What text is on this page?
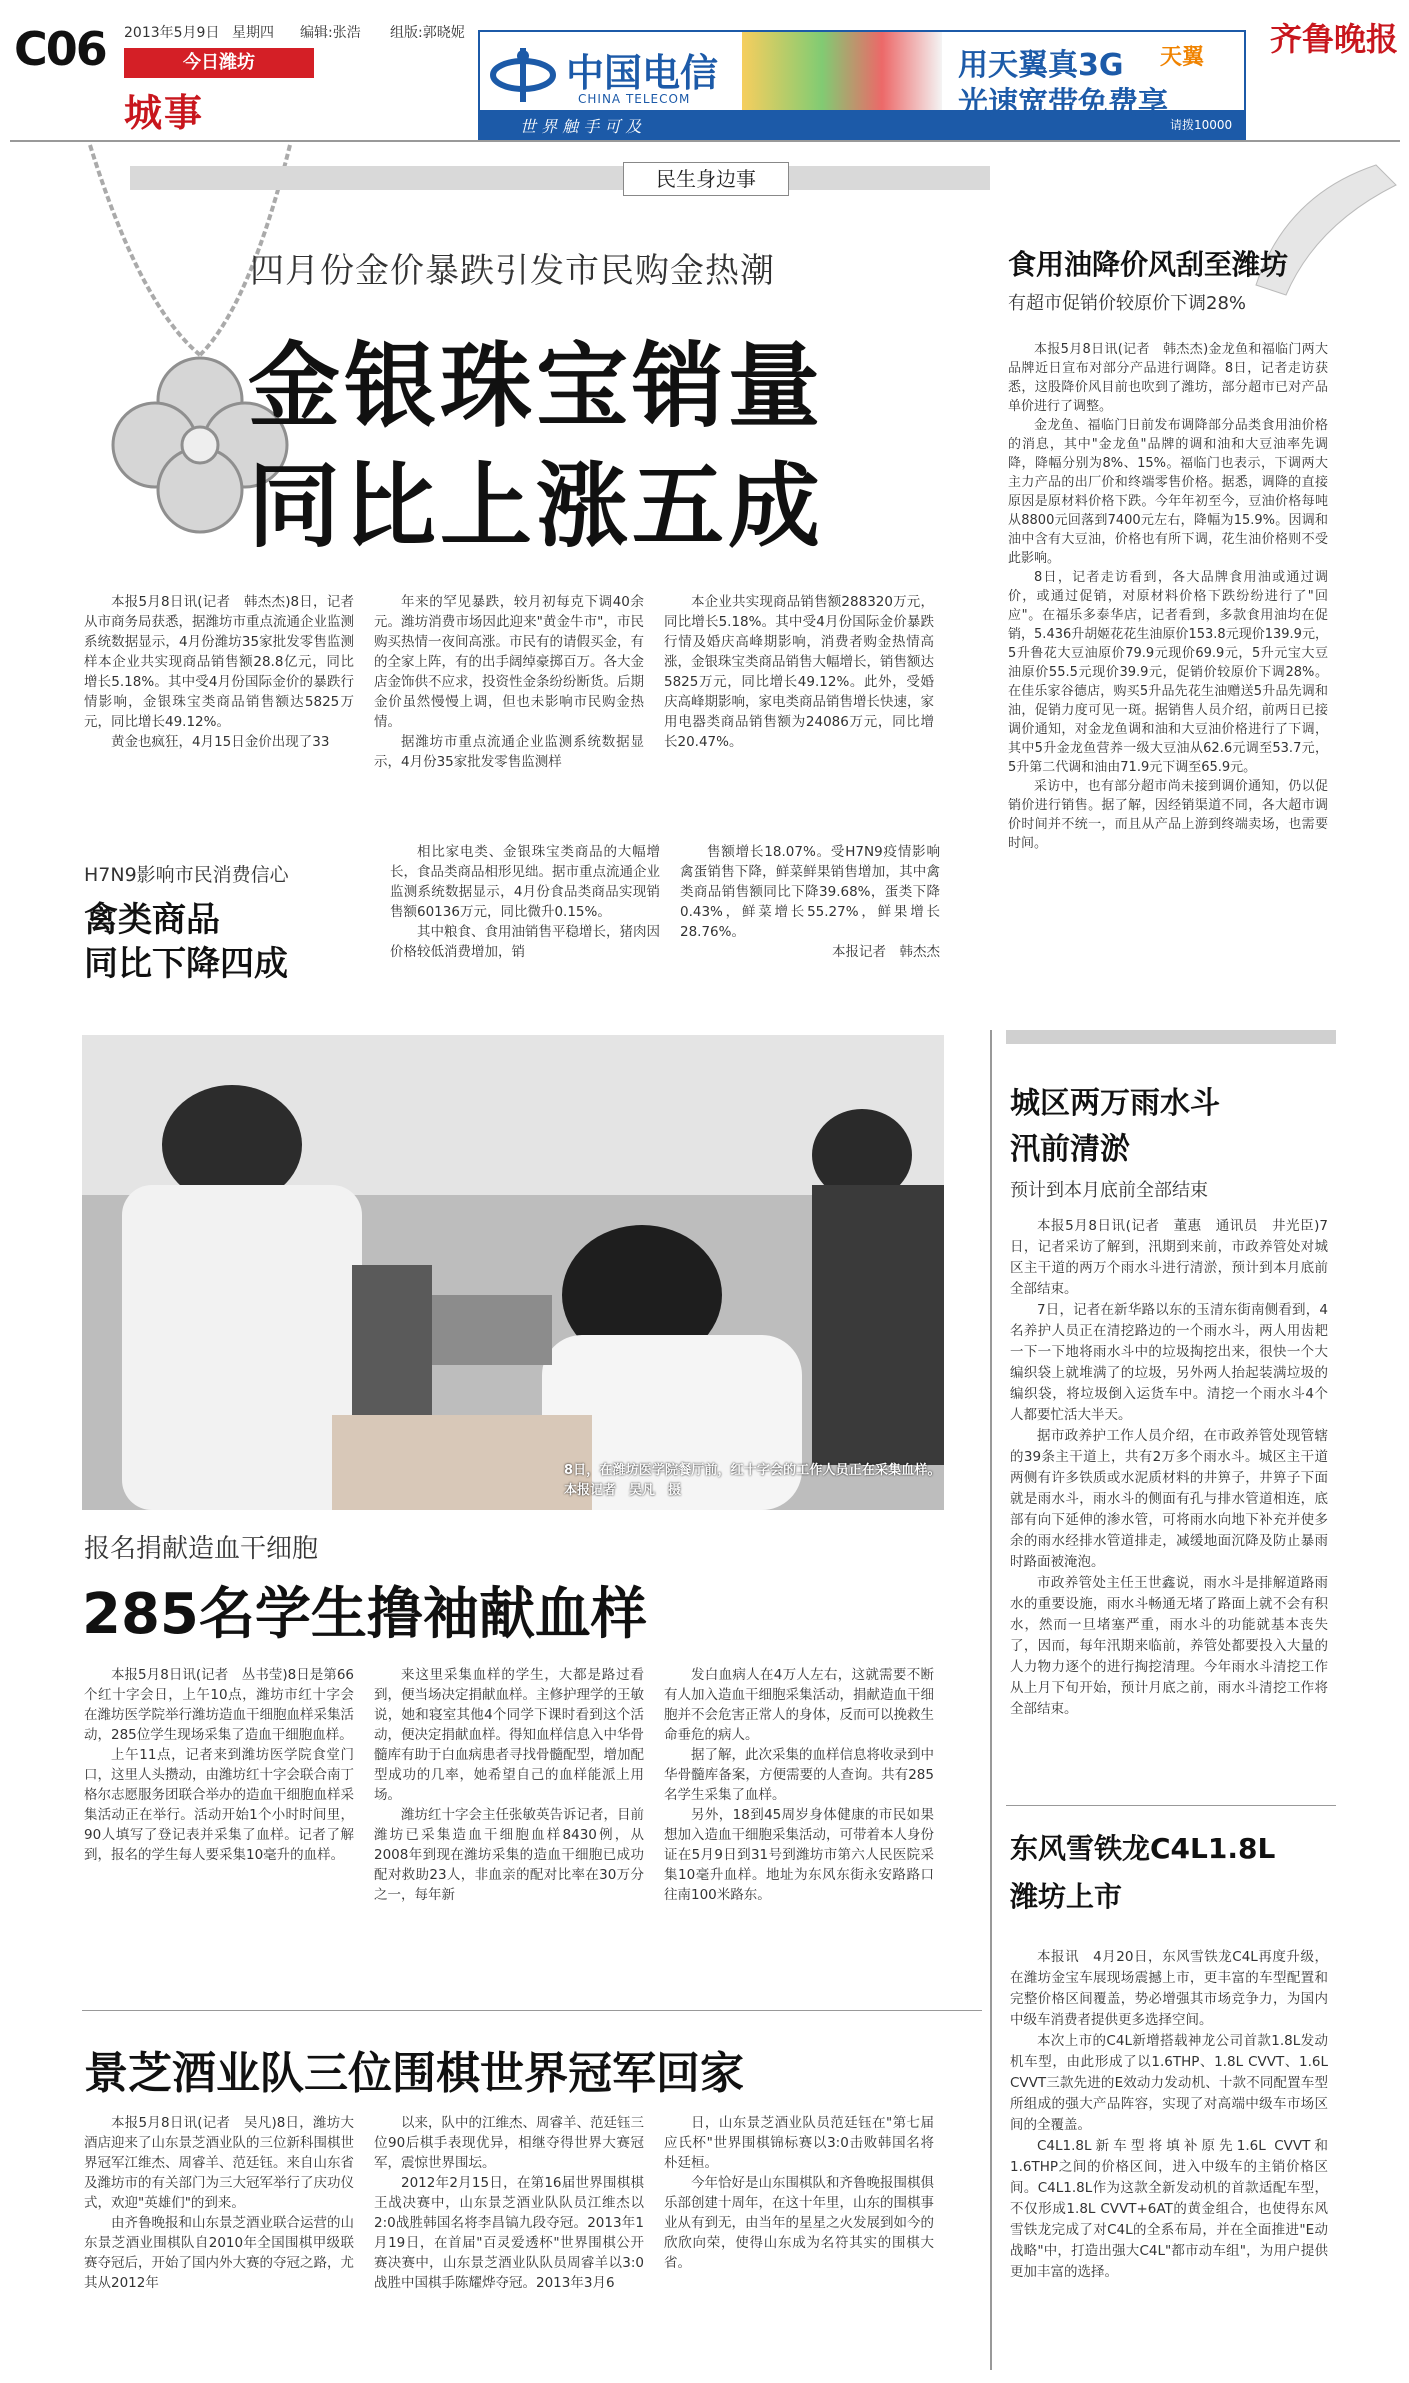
C06 2013年5月9日 星期四 编辑:张浩 组版:郭晓妮
今日潍坊
城事
中国电信
CHINA TELECOM
世 界 触 手 可 及
用天翼真3G
光速宽带免费享
天翼
请拨10000
齐鲁晚报
民生身边事
四月份金价暴跌引发市民购金热潮
金银珠宝销量
同比上涨五成

本报5月8日讯(记者　韩杰杰)8日，记者从市商务局获悉，据潍坊市重点流通企业监测系统数据显示，4月份潍坊35家批发零售监测样本企业共实现商品销售额28.8亿元，同比增长5.18%。其中受4月份国际金价的暴跌行情影响，金银珠宝类商品销售额达5825万元，同比增长49.12%。

黄金也疯狂，4月15日金价出现了33

年来的罕见暴跌，较月初每克下调40余元。潍坊消费市场因此迎来"黄金牛市"，市民购买热情一夜间高涨。市民有的请假买金，有的全家上阵，有的出手阔绰豪掷百万。各大金店金饰供不应求，投资性金条纷纷断货。后期金价虽然慢慢上调，但也未影响市民购金热情。

据潍坊市重点流通企业监测系统数据显示，4月份35家批发零售监测样

本企业共实现商品销售额288320万元，同比增长5.18%。其中受4月份国际金价暴跌行情及婚庆高峰期影响，消费者购金热情高涨，金银珠宝类商品销售大幅增长，销售额达5825万元，同比增长49.12%。此外，受婚庆高峰期影响，家电类商品销售增长快速，家用电器类商品销售额为24086万元，同比增长20.47%。

H7N9影响市民消费信心
禽类商品
同比下降四成

相比家电类、金银珠宝类商品的大幅增长，食品类商品相形见绌。据市重点流通企业监测系统数据显示，4月份食品类商品实现销售额60136万元，同比微升0.15%。

其中粮食、食用油销售平稳增长，猪肉因价格较低消费增加，销

售额增长18.07%。受H7N9疫情影响禽蛋销售下降，鲜菜鲜果销售增加，其中禽类商品销售额同比下降39.68%，蛋类下降0.43%，鲜菜增长55.27%，鲜果增长28.76%。

本报记者　韩杰杰

食用油降价风刮至潍坊
有超市促销价较原价下调28%

本报5月8日讯(记者　韩杰杰)金龙鱼和福临门两大品牌近日宣布对部分产品进行调降。8日，记者走访获悉，这股降价风目前也吹到了潍坊，部分超市已对产品单价进行了调整。

金龙鱼、福临门日前发布调降部分品类食用油价格的消息，其中"金龙鱼"品牌的调和油和大豆油率先调降，降幅分别为8%、15%。福临门也表示，下调两大主力产品的出厂价和终端零售价格。据悉，调降的直接原因是原材料价格下跌。今年年初至今，豆油价格每吨从8800元回落到7400元左右，降幅为15.9%。因调和油中含有大豆油，价格也有所下调，花生油价格则不受此影响。

8日，记者走访看到，各大品牌食用油或通过调价，或通过促销，对原材料价格下跌纷纷进行了"回应"。在福乐多泰华店，记者看到，多款食用油均在促销，5.436升胡姬花花生油原价153.8元现价139.9元，5升鲁花大豆油原价79.9元现价69.9元，5升元宝大豆油原价55.5元现价39.9元，促销价较原价下调28%。在佳乐家谷德店，购买5升品先花生油赠送5升品先调和油，促销力度可见一斑。据销售人员介绍，前两日已接调价通知，对金龙鱼调和油和大豆油价格进行了下调，其中5升金龙鱼营养一级大豆油从62.6元调至53.7元，5升第二代调和油由71.9元下调至65.9元。

采访中，也有部分超市尚未接到调价通知，仍以促销价进行销售。据了解，因经销渠道不同，各大超市调价时间并不统一，而且从产品上游到终端卖场，也需要时间。

8日，在潍坊医学院餐厅前，红十字会的工作人员正在采集血样。　　本报记者　吴凡　摄
报名捐献造血干细胞
285名学生撸袖献血样

本报5月8日讯(记者　丛书莹)8日是第66个红十字会日，上午10点，潍坊市红十字会在潍坊医学院举行潍坊造血干细胞血样采集活动，285位学生现场采集了造血干细胞血样。

上午11点，记者来到潍坊医学院食堂门口，这里人头攒动，由潍坊红十字会联合南丁格尔志愿服务团联合举办的造血干细胞血样采集活动正在举行。活动开始1个小时时间里，90人填写了登记表并采集了血样。记者了解到，报名的学生每人要采集10毫升的血样。

来这里采集血样的学生，大都是路过看到，便当场决定捐献血样。主修护理学的王敏说，她和寝室其他4个同学下课时看到这个活动，便决定捐献血样。得知血样信息入中华骨髓库有助于白血病患者寻找骨髓配型，增加配型成功的几率，她希望自己的血样能派上用场。

潍坊红十字会主任张敏英告诉记者，目前潍坊已采集造血干细胞血样8430例，从2008年到现在潍坊采集的造血干细胞已成功配对救助23人，非血亲的配对比率在30万分之一，每年新

发白血病人在4万人左右，这就需要不断有人加入造血干细胞采集活动，捐献造血干细胞并不会危害正常人的身体，反而可以挽救生命垂危的病人。

据了解，此次采集的血样信息将收录到中华骨髓库备案，方便需要的人查询。共有285名学生采集了血样。

另外，18到45周岁身体健康的市民如果想加入造血干细胞采集活动，可带着本人身份证在5月9日到31号到潍坊市第六人民医院采集10毫升血样。地址为东风东街永安路路口往南100米路东。

景芝酒业队三位围棋世界冠军回家

本报5月8日讯(记者　吴凡)8日，潍坊大酒店迎来了山东景芝酒业队的三位新科围棋世界冠军江维杰、周睿羊、范廷钰。来自山东省及潍坊市的有关部门为三大冠军举行了庆功仪式，欢迎"英雄们"的到来。

由齐鲁晚报和山东景芝酒业联合运营的山东景芝酒业围棋队自2010年全国围棋甲级联赛夺冠后，开始了国内外大赛的夺冠之路，尤其从2012年

以来，队中的江维杰、周睿羊、范廷钰三位90后棋手表现优异，相继夺得世界大赛冠军，震惊世界围坛。

2012年2月15日，在第16届世界围棋棋王战决赛中，山东景芝酒业队队员江维杰以2:0战胜韩国名将李昌镐九段夺冠。2013年1月19日，在首届"百灵爱透杯"世界围棋公开赛决赛中，山东景芝酒业队队员周睿羊以3:0战胜中国棋手陈耀烨夺冠。2013年3月6

日，山东景芝酒业队员范廷钰在"第七届应氏杯"世界围棋锦标赛以3:0击败韩国名将朴廷桓。

今年恰好是山东围棋队和齐鲁晚报围棋俱乐部创建十周年，在这十年里，山东的围棋事业从有到无，由当年的星星之火发展到如今的欣欣向荣，使得山东成为名符其实的围棋大省。

城区两万雨水斗
汛前清淤
预计到本月底前全部结束

本报5月8日讯(记者　董惠　通讯员　井光臣)7日，记者采访了解到，汛期到来前，市政养管处对城区主干道的两万个雨水斗进行清淤，预计到本月底前全部结束。

7日，记者在新华路以东的玉清东街南侧看到，4名养护人员正在清挖路边的一个雨水斗，两人用齿耙一下一下地将雨水斗中的垃圾掏挖出来，很快一个大编织袋上就堆满了的垃圾，另外两人抬起装满垃圾的编织袋，将垃圾倒入运货车中。清挖一个雨水斗4个人都要忙活大半天。

据市政养护工作人员介绍，在市政养管处现管辖的39条主干道上，共有2万多个雨水斗。城区主干道两侧有许多铁质或水泥质材料的井箅子，井箅子下面就是雨水斗，雨水斗的侧面有孔与排水管道相连，底部有向下延伸的渗水管，可将雨水向地下补充并使多余的雨水经排水管道排走，减缓地面沉降及防止暴雨时路面被淹泡。

市政养管处主任王世鑫说，雨水斗是排解道路雨水的重要设施，雨水斗畅通无堵了路面上就不会有积水，然而一旦堵塞严重，雨水斗的功能就基本丧失了，因而，每年汛期来临前，养管处都要投入大量的人力物力逐个的进行掏挖清理。今年雨水斗清挖工作从上月下旬开始，预计月底之前，雨水斗清挖工作将全部结束。

东风雪铁龙C4L1.8L
潍坊上市

本报讯　4月20日，东风雪铁龙C4L再度升级，在潍坊金宝车展现场震撼上市，更丰富的车型配置和完整价格区间覆盖，势必增强其市场竞争力，为国内中级车消费者提供更多选择空间。

本次上市的C4L新增搭载神龙公司首款1.8L发动机车型，由此形成了以1.6THP、1.8L CVVT、1.6L CVVT三款先进的E效动力发动机、十款不同配置车型所组成的强大产品阵容，实现了对高端中级车市场区间的全覆盖。

C4L1.8L新车型将填补原先1.6L CVVT和1.6THP之间的价格区间，进入中级车的主销价格区间。C4L1.8L作为这款全新发动机的首款适配车型，不仅形成1.8L CVVT+6AT的黄金组合，也使得东风雪铁龙完成了对C4L的全系布局，并在全面推进"E动战略"中，打造出强大C4L"都市动车组"，为用户提供更加丰富的选择。
